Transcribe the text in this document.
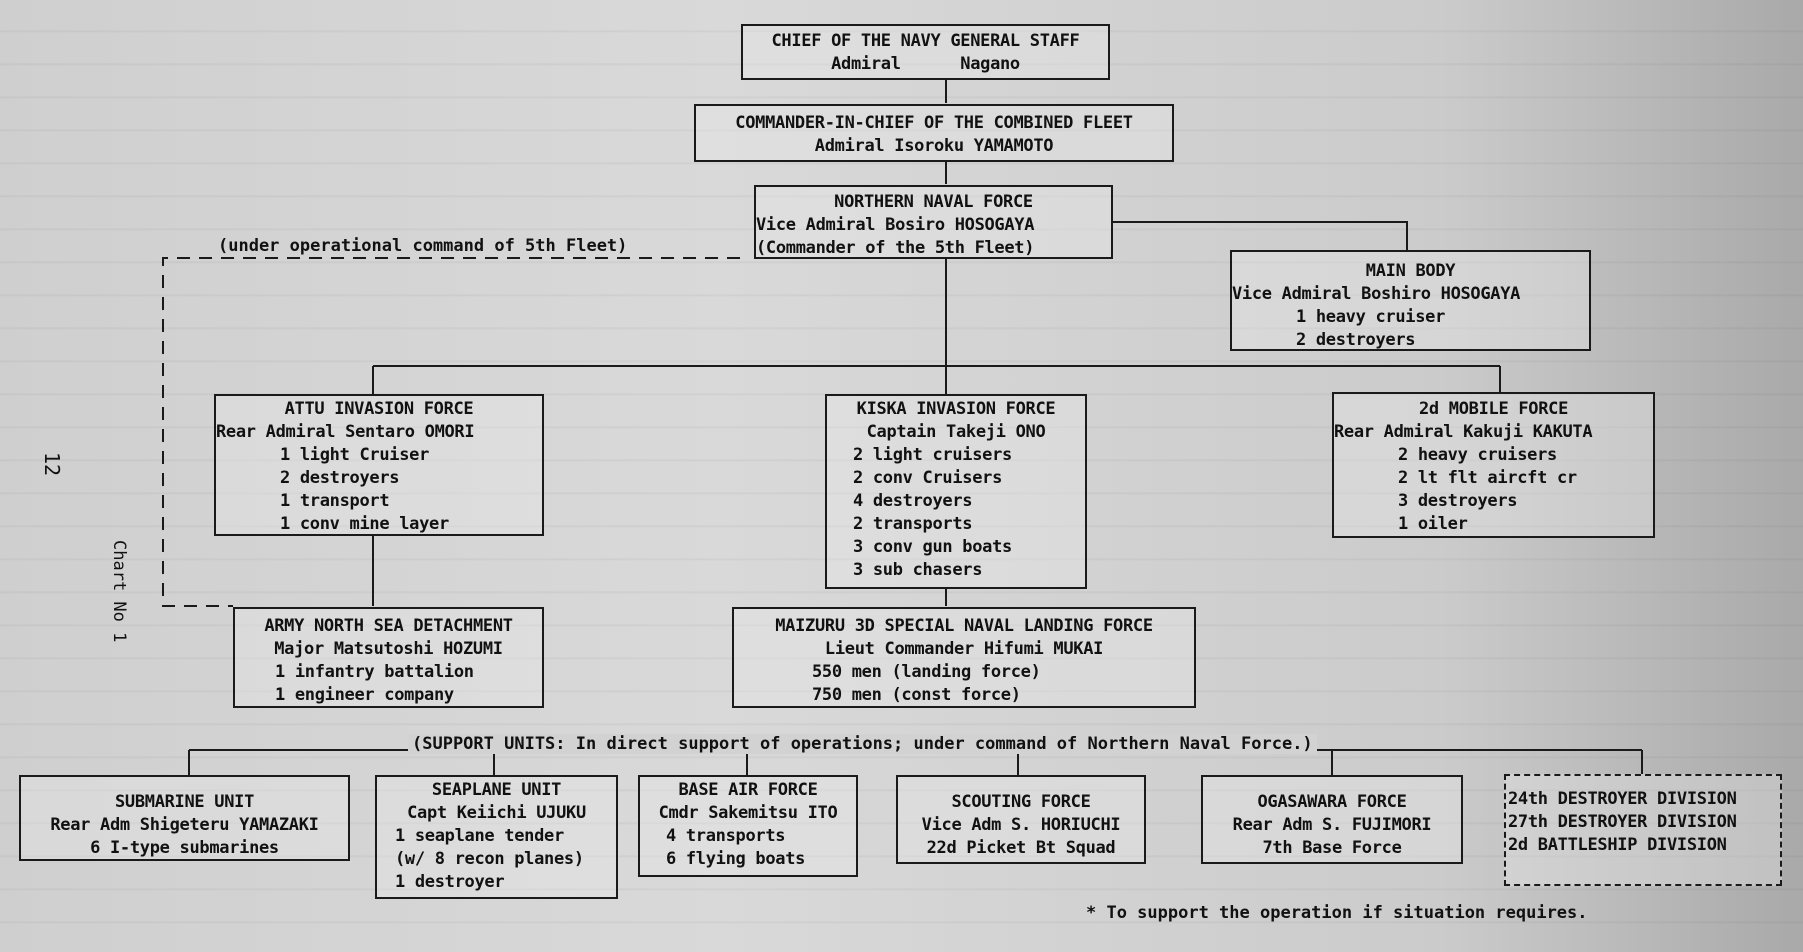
CHIEF OF THE NAVY GENERAL STAFF
Admiral      Nagano
COMMANDER-IN-CHIEF OF THE COMBINED FLEET
Admiral Isoroku YAMAMOTO
NORTHERN NAVAL FORCE
Vice Admiral Bosiro HOSOGAYA
(Commander of the 5th Fleet)
(under operational command of 5th Fleet)
MAIN BODY
Vice Admiral Boshiro HOSOGAYA
1 heavy cruiser
2 destroyers
ATTU INVASION FORCE
Rear Admiral Sentaro OMORI
1 light Cruiser
2 destroyers
1 transport
1 conv mine layer
KISKA INVASION FORCE
Captain Takeji ONO
2 light cruisers
2 conv Cruisers
4 destroyers
2 transports
3 conv gun boats
3 sub chasers
2d MOBILE FORCE
Rear Admiral Kakuji KAKUTA
2 heavy cruisers
2 lt flt aircft cr
3 destroyers
1 oiler
ARMY NORTH SEA DETACHMENT
Major Matsutoshi HOZUMI
1 infantry battalion
1 engineer company
MAIZURU 3D SPECIAL NAVAL LANDING FORCE
Lieut Commander Hifumi MUKAI
550 men (landing force)
750 men (const force)
(SUPPORT UNITS: In direct support of operations; under command of Northern Naval Force.)
SUBMARINE UNIT
Rear Adm Shigeteru YAMAZAKI
6 I-type submarines
SEAPLANE UNIT
Capt Keiichi UJUKU
1 seaplane tender
(w/ 8 recon planes)
1 destroyer
BASE AIR FORCE
Cmdr Sakemitsu ITO
4 transports
6 flying boats
SCOUTING FORCE
Vice Adm S. HORIUCHI
22d Picket Bt Squad
OGASAWARA FORCE
Rear Adm S. FUJIMORI
7th Base Force
24th DESTROYER DIVISION
27th DESTROYER DIVISION
2d BATTLESHIP DIVISION
* To support the operation if situation requires.
12
Chart No 1
